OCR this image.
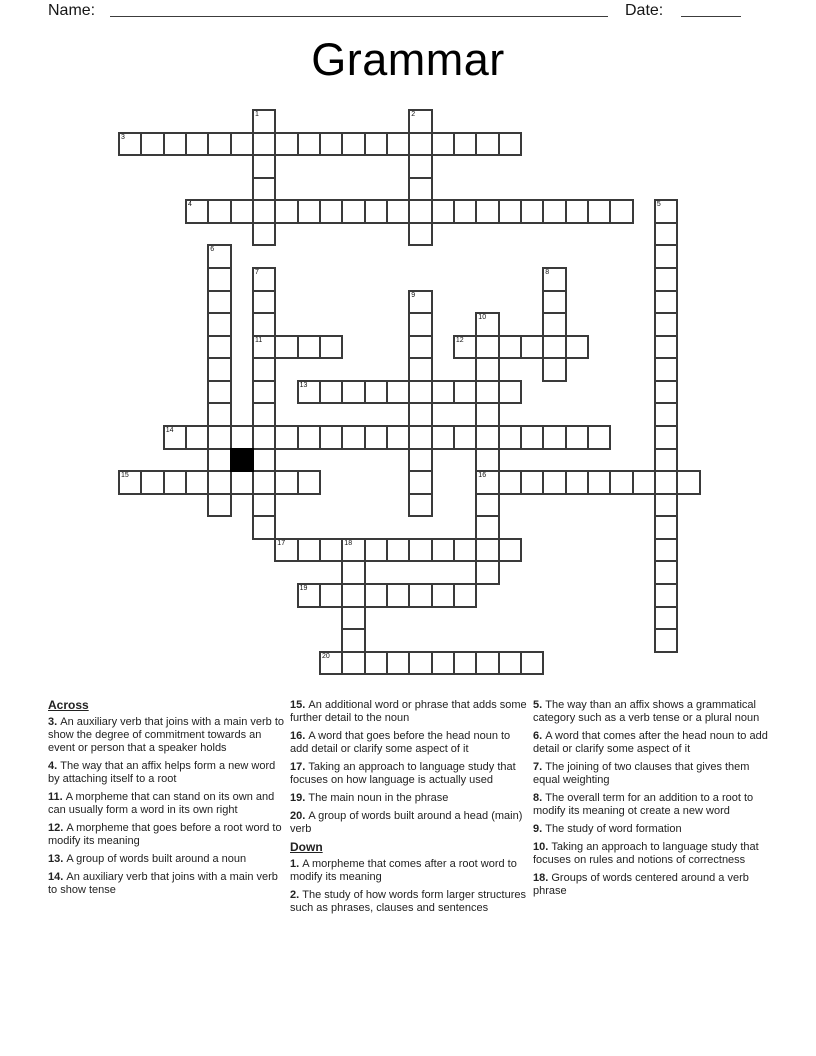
Name:	Date:
Grammar
1	2
3
4	5
6
7
11
8
9
10
16
12
13
14
15
17	18
19
20
Across

3. An auxiliary verb that joins with a main verb to show the degree of commitment towards an event or person that a speaker holds

4. The way that an affix helps form a new word by attaching itself to a root

11. A morpheme that can stand on its own and can usually form a word in its own right

12. A morpheme that goes before a root word to modify its meaning

13. A group of words built around a noun

14. An auxiliary verb that joins with a main verb to show tense

15. An additional word or phrase that adds some further detail to the noun

16. A word that goes before the head noun to add detail or clarify some aspect of it

17. Taking an approach to language study that focuses on how language is actually used

19. The main noun in the phrase

20. A group of words built around a head (main) verb

Down

1. A morpheme that comes after a root word to modify its meaning

2. The study of how words form larger structures such as phrases, clauses and sentences

5. The way than an affix shows a grammatical category such as a verb tense or a plural noun

6. A word that comes after the head noun to add detail or clarify some aspect of it

7. The joining of two clauses that gives them equal weighting

8. The overall term for an addition to a root to modify its meaning ot create a new word

9. The study of word formation

10. Taking an approach to language study that focuses on rules and notions of correctness

18. Groups of words centered around a verb phrase
